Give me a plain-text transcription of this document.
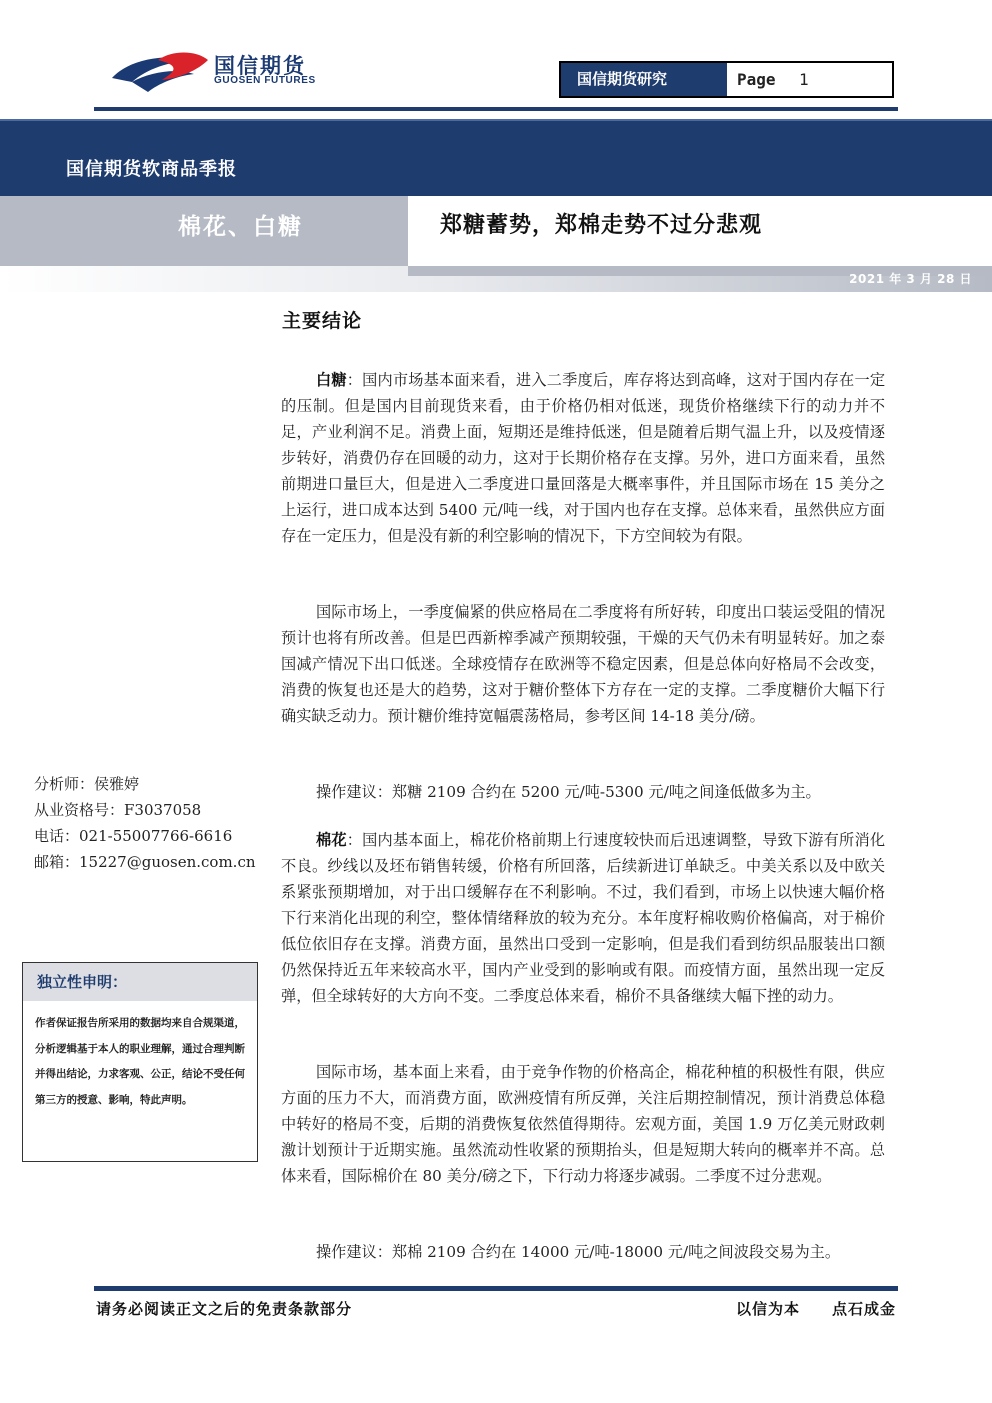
国信期货
GUOSEN FUTURES	国信期货研究	Page 1
国信期货软商品季报
棉花、白糖	郑糖蓄势，郑棉走势不过分悲观
2021 年 3 月 28 日
主要结论
白糖：国内市场基本面来看，进入二季度后，库存将达到高峰，这对于国内存在一定的压制。但是国内目前现货来看，由于价格仍相对低迷，现货价格继续下行的动力并不足，产业利润不足。消费上面，短期还是维持低迷，但是随着后期气温上升，以及疫情逐步转好，消费仍存在回暖的动力，这对于长期价格存在支撑。另外，进口方面来看，虽然前期进口量巨大，但是进入二季度进口量回落是大概率事件，并且国际市场在 15 美分之上运行，进口成本达到 5400 元/吨一线，对于国内也存在支撑。总体来看，虽然供应方面存在一定压力，但是没有新的利空影响的情况下，下方空间较为有限。
国际市场上，一季度偏紧的供应格局在二季度将有所好转，印度出口装运受阻的情况预计也将有所改善。但是巴西新榨季减产预期较强，干燥的天气仍未有明显转好。加之泰国减产情况下出口低迷。全球疫情存在欧洲等不稳定因素，但是总体向好格局不会改变，消费的恢复也还是大的趋势，这对于糖价整体下方存在一定的支撑。二季度糖价大幅下行确实缺乏动力。预计糖价维持宽幅震荡格局，参考区间 14-18 美分/磅。
操作建议：郑糖 2109 合约在 5200 元/吨-5300 元/吨之间逢低做多为主。
棉花：国内基本面上，棉花价格前期上行速度较快而后迅速调整，导致下游有所消化不良。纱线以及坯布销售转缓，价格有所回落，后续新进订单缺乏。中美关系以及中欧关系紧张预期增加，对于出口缓解存在不利影响。不过，我们看到，市场上以快速大幅价格下行来消化出现的利空，整体情绪释放的较为充分。本年度籽棉收购价格偏高，对于棉价低位依旧存在支撑。消费方面，虽然出口受到一定影响，但是我们看到纺织品服装出口额仍然保持近五年来较高水平，国内产业受到的影响或有限。而疫情方面，虽然出现一定反弹，但全球转好的大方向不变。二季度总体来看，棉价不具备继续大幅下挫的动力。
国际市场，基本面上来看，由于竞争作物的价格高企，棉花种植的积极性有限，供应方面的压力不大，而消费方面，欧洲疫情有所反弹，关注后期控制情况，预计消费总体稳中转好的格局不变，后期的消费恢复依然值得期待。宏观方面，美国 1.9 万亿美元财政刺激计划预计于近期实施。虽然流动性收紧的预期抬头，但是短期大转向的概率并不高。总体来看，国际棉价在 80 美分/磅之下，下行动力将逐步减弱。二季度不过分悲观。
操作建议：郑棉 2109 合约在 14000 元/吨-18000 元/吨之间波段交易为主。
分析师：侯雅婷
从业资格号：F3037058
电话：021-55007766-6616
邮箱：15227@guosen.com.cn
独立性申明：
作者保证报告所采用的数据均来自合规渠道，分析逻辑基于本人的职业理解，通过合理判断并得出结论，力求客观、公正，结论不受任何第三方的授意、影响，特此声明。
请务必阅读正文之后的免责条款部分	以信为本　　点石成金
